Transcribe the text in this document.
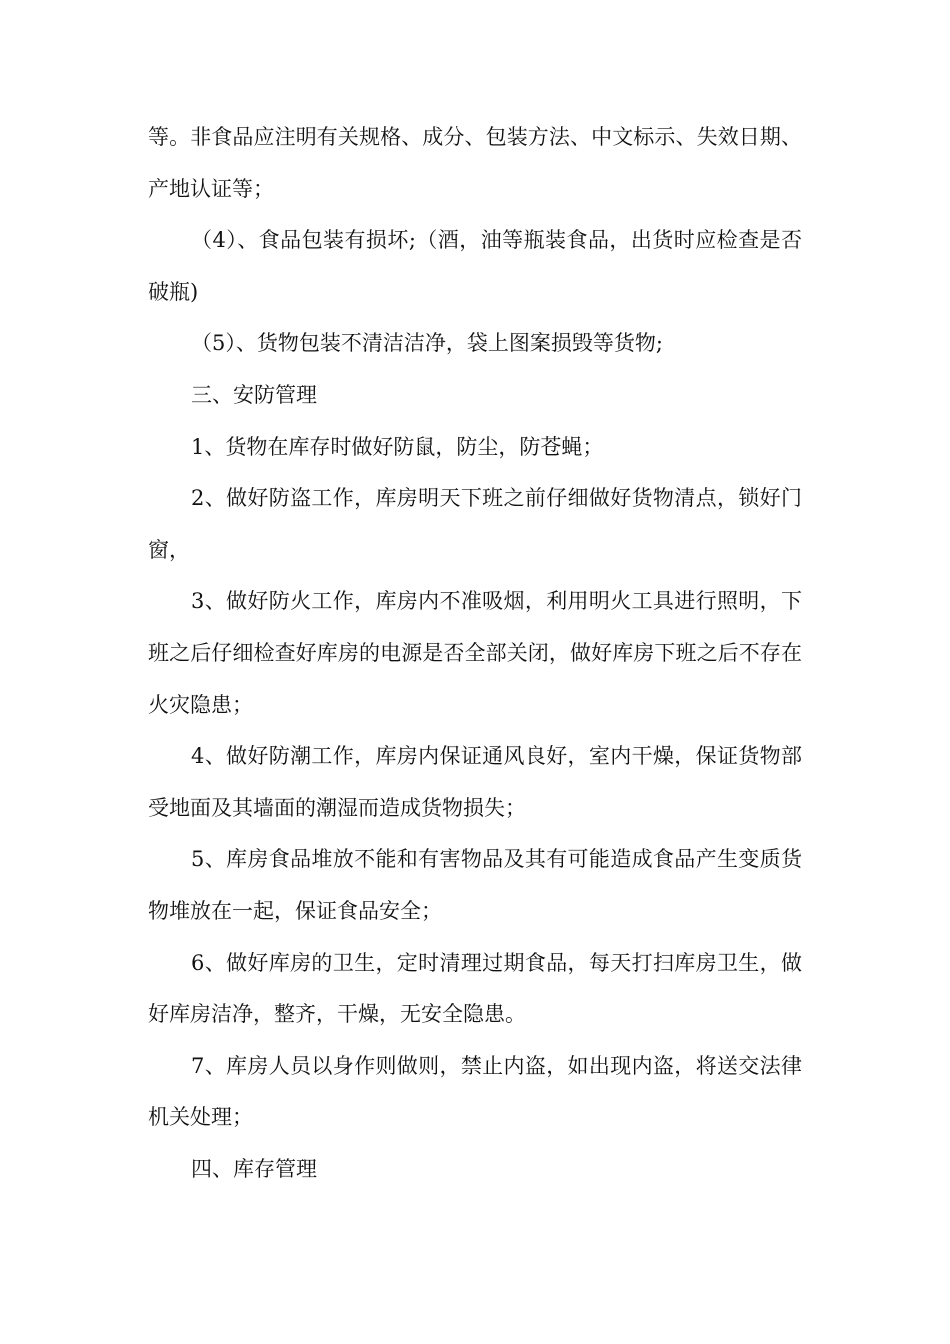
等。非食品应注明有关规格、成分、包装方法、中文标示、失效日期、产地认证等；

（4）、食品包装有损坏;（酒，油等瓶装食品，出货时应检查是否破瓶)

（5）、货物包装不清洁洁净，袋上图案损毁等货物;

三、安防管理

1、货物在库存时做好防鼠，防尘，防苍蝇；

2、做好防盗工作，库房明天下班之前仔细做好货物清点，锁好门窗，

3、做好防火工作，库房内不准吸烟，利用明火工具进行照明，下班之后仔细检查好库房的电源是否全部关闭，做好库房下班之后不存在火灾隐患；

4、做好防潮工作，库房内保证通风良好，室内干燥，保证货物部受地面及其墙面的潮湿而造成货物损失；

5、库房食品堆放不能和有害物品及其有可能造成食品产生变质货物堆放在一起，保证食品安全；

6、做好库房的卫生，定时清理过期食品，每天打扫库房卫生，做好库房洁净，整齐，干燥，无安全隐患。

7、库房人员以身作则做则，禁止内盗，如出现内盗，将送交法律机关处理；

四、库存管理
